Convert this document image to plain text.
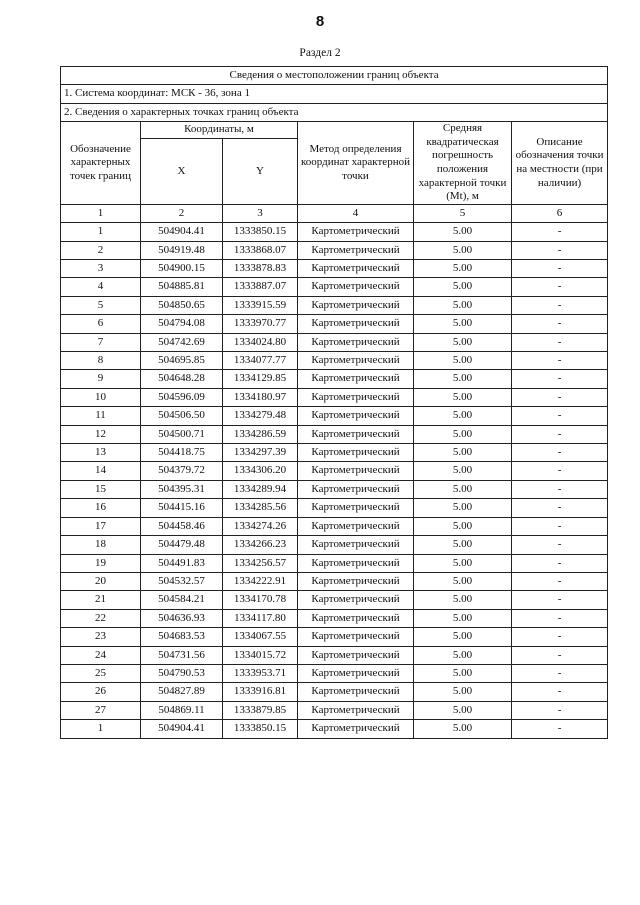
8
Раздел 2
Сведения о местоположении границ объекта					
1. Система координат: МСК - 36, зона 1					
2. Сведения о характерных точках границ объекта					
Обозначение характерных точек границ	Координаты, м		Метод определения координат характерной точки	Средняя квадратическая погрешность положения характерной точки (Mt), м	Описание обозначения точки на местности (при наличии)
	X	Y			
1	2	3	4	5	6
1	504904.41	1333850.15	Картометрический	5.00	-
2	504919.48	1333868.07	Картометрический	5.00	-
3	504900.15	1333878.83	Картометрический	5.00	-
4	504885.81	1333887.07	Картометрический	5.00	-
5	504850.65	1333915.59	Картометрический	5.00	-
6	504794.08	1333970.77	Картометрический	5.00	-
7	504742.69	1334024.80	Картометрический	5.00	-
8	504695.85	1334077.77	Картометрический	5.00	-
9	504648.28	1334129.85	Картометрический	5.00	-
10	504596.09	1334180.97	Картометрический	5.00	-
11	504506.50	1334279.48	Картометрический	5.00	-
12	504500.71	1334286.59	Картометрический	5.00	-
13	504418.75	1334297.39	Картометрический	5.00	-
14	504379.72	1334306.20	Картометрический	5.00	-
15	504395.31	1334289.94	Картометрический	5.00	-
16	504415.16	1334285.56	Картометрический	5.00	-
17	504458.46	1334274.26	Картометрический	5.00	-
18	504479.48	1334266.23	Картометрический	5.00	-
19	504491.83	1334256.57	Картометрический	5.00	-
20	504532.57	1334222.91	Картометрический	5.00	-
21	504584.21	1334170.78	Картометрический	5.00	-
22	504636.93	1334117.80	Картометрический	5.00	-
23	504683.53	1334067.55	Картометрический	5.00	-
24	504731.56	1334015.72	Картометрический	5.00	-
25	504790.53	1333953.71	Картометрический	5.00	-
26	504827.89	1333916.81	Картометрический	5.00	-
27	504869.11	1333879.85	Картометрический	5.00	-
1	504904.41	1333850.15	Картометрический	5.00	-
